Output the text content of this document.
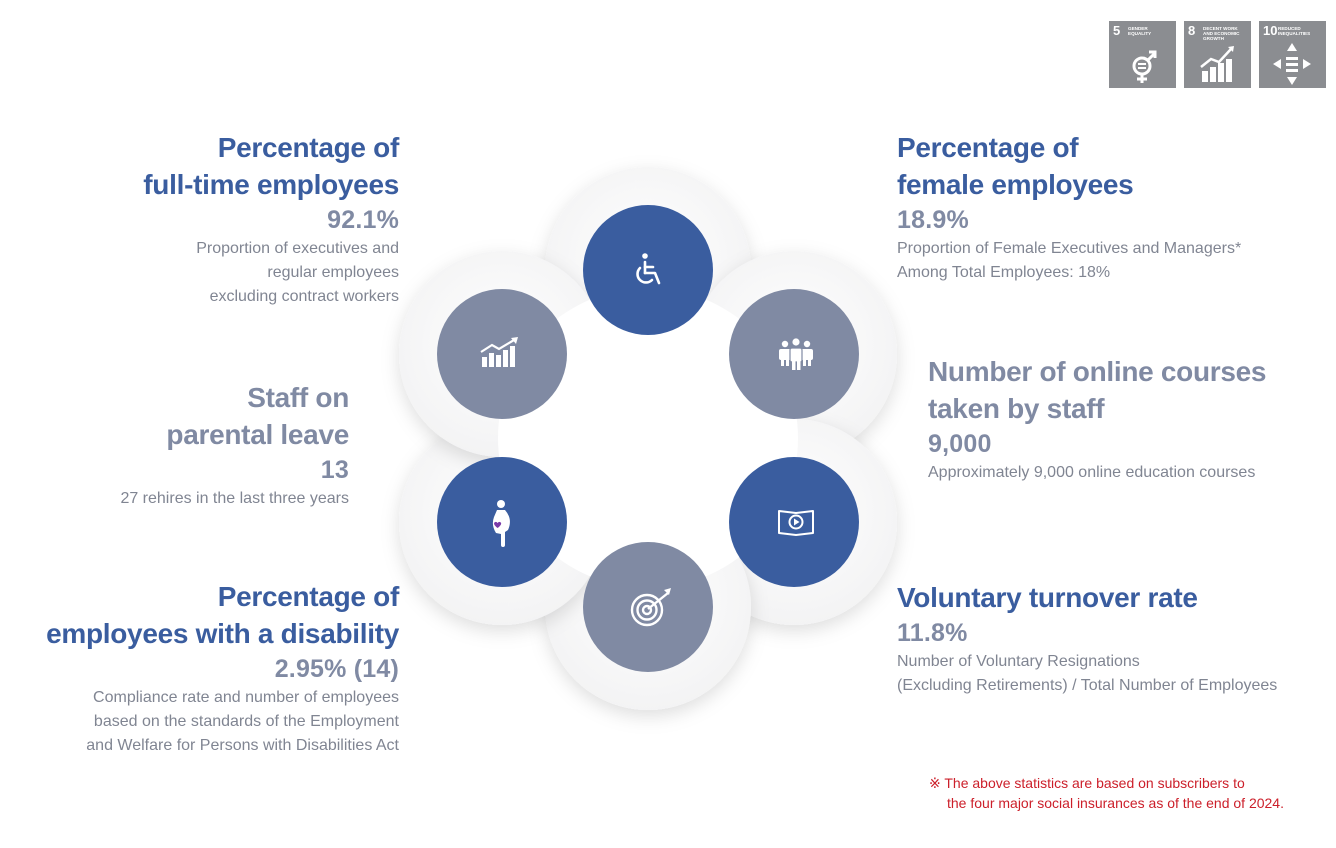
5 GENDER EQUALITY	8 DECENT WORK AND ECONOMIC GROWTH
10 REDUCED INEQUALITIES
Percentage of
full-time employees
92.1%
Proportion of executives and
regular employees
excluding contract workers
Percentage of
female employees
18.9%
Proportion of Female Executives and Managers*
Among Total Employees: 18%
Staff on
parental leave
13
27 rehires in the last three years
Number of online courses
taken by staff
9,000
Approximately 9,000 online education courses
Percentage of
employees with a disability
2.95% (14)
Compliance rate and number of employees
based on the standards of the Employment
and Welfare for Persons with Disabilities Act
Voluntary turnover rate
11.8%
Number of Voluntary Resignations
(Excluding Retirements) / Total Number of Employees
※ The above statistics are based on subscribers to
the four major social insurances as of the end of 2024.
